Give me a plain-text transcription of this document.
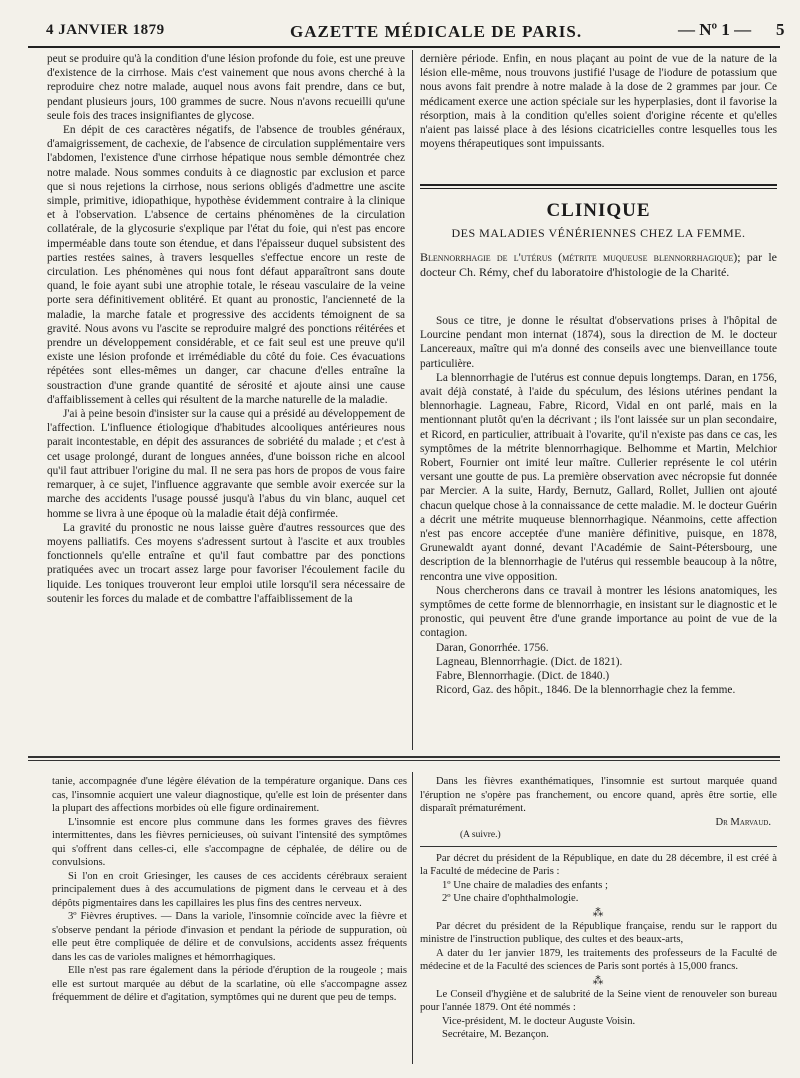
4 JANVIER 1879	GAZETTE MÉDICALE DE PARIS.	— Nº 1 — 5

peut se produire qu'à la condition d'une lésion profonde du foie, est une preuve d'existence de la cirrhose. Mais c'est vainement que nous avons cherché à la reproduire chez notre malade, auquel nous avons fait prendre, dans ce but, pendant plusieurs jours, 100 grammes de sucre. Nous n'avons recueilli qu'une seule fois des traces insignifiantes de glycose.

En dépit de ces caractères négatifs, de l'absence de troubles généraux, d'amaigrissement, de cachexie, de l'absence de circulation supplémentaire vers l'abdomen, l'existence d'une cirrhose hépatique nous semble démontrée chez notre malade. Nous sommes conduits à ce diagnostic par exclusion et parce que si nous rejetions la cirrhose, nous serions obligés d'admettre une ascite simple, primitive, idiopathique, hypothèse évidemment contraire à la clinique et à l'observation. L'absence de certains phénomènes de la circulation collatérale, de la glycosurie s'explique par l'état du foie, qui n'est pas encore imperméable dans toute son étendue, et dans l'épaisseur duquel subsistent des parties restées saines, à travers lesquelles s'effectue encore un reste de circulation. Les phénomènes qui nous font défaut apparaîtront sans doute quand, le foie ayant subi une atrophie totale, le réseau vasculaire de la veine porte sera définitivement oblitéré. Et quant au pronostic, l'ancienneté de la maladie, la marche fatale et progressive des accidents témoignent de sa gravité. Nous avons vu l'ascite se reproduire malgré des ponctions réitérées et prendre un développement considérable, et ce fait seul est une preuve qu'il existe une lésion profonde et irrémédiable du côté du foie. Ces évacuations répétées sont elles-mêmes un danger, car chacune d'elles entraîne la soustraction d'une grande quantité de sérosité et ajoute ainsi une cause d'affaiblissement à celles qui résultent de la marche naturelle de la maladie.

J'ai à peine besoin d'insister sur la cause qui a présidé au développement de l'affection. L'influence étiologique d'habitudes alcooliques antérieures nous parait incontestable, en dépit des assurances de sobriété du malade ; et c'est à cet usage prolongé, durant de longues années, d'une boisson riche en alcool qu'il faut attribuer l'origine du mal. Il ne sera pas hors de propos de vous faire remarquer, à ce sujet, l'influence aggravante que semble avoir exercée sur la marche des accidents l'usage poussé jusqu'à l'abus du vin blanc, auquel cet homme se livra à une époque où la maladie était déjà confirmée.

La gravité du pronostic ne nous laisse guère d'autres ressources que des moyens palliatifs. Ces moyens s'adressent surtout à l'ascite et aux troubles fonctionnels qu'elle entraîne et qu'il faut combattre par des ponctions pratiquées avec un trocart assez large pour favoriser l'écoulement facile du liquide. Les toniques trouveront leur emploi utile lorsqu'il sera nécessaire de soutenir les forces du malade et de combattre l'affaiblissement de la

dernière période. Enfin, en nous plaçant au point de vue de la nature de la lésion elle-même, nous trouvons justifié l'usage de l'iodure de potassium que nous avons fait prendre à notre malade à la dose de 2 grammes par jour. Ce médicament exerce une action spéciale sur les hyperplasies, dont il favorise la résorption, mais à la condition qu'elles soient d'origine récente et qu'elles n'aient pas laissé place à des lésions cicatricielles contre lesquelles tous les moyens thérapeutiques sont impuissants.

CLINIQUE
DES MALADIES VÉNÉRIENNES CHEZ LA FEMME.
Blennorrhagie de l'utérus (métrite muqueuse blennorrhagique); par le docteur Ch. Rémy, chef du laboratoire d'histologie de la Charité.

Sous ce titre, je donne le résultat d'observations prises à l'hôpital de Lourcine pendant mon internat (1874), sous la direction de M. le docteur Lancereaux, maître qui m'a donné des conseils avec une bienveillance toute particulière.

La blennorrhagie de l'utérus est connue depuis longtemps. Daran, en 1756, avait déjà constaté, à l'aide du spéculum, des lésions utérines pendant la blennorhagie. Lagneau, Fabre, Ricord, Vidal en ont parlé, mais en la mentionnant plutôt qu'en la décrivant ; ils l'ont laissée sur un plan secondaire, et Ricord, en particulier, attribuait à l'ovarite, qu'il n'existe pas dans ce cas, les symptômes de la métrite blennorrhagique. Belhomme et Martin, Melchior Robert, Fournier ont imité leur maître. Cullerier représente le col utérin versant une goutte de pus. La première observation avec nécropsie fut donnée par Mercier. A la suite, Hardy, Bernutz, Gallard, Rollet, Jullien ont ajouté chacun quelque chose à la connaissance de cette maladie. M. le docteur Guérin a décrit une métrite muqueuse blennorrhagique. Néanmoins, cette affection n'est pas encore acceptée d'une manière définitive, puisque, en 1878, Grunewaldt ayant donné, devant l'Académie de Saint-Pétersbourg, une description de la blennorrhagie de l'utérus qui ressemble beaucoup à la nôtre, rencontra une vive opposition.

Nous chercherons dans ce travail à montrer les lésions anatomiques, les symptômes de cette forme de blennorrhagie, en insistant sur le diagnostic et le pronostic, qui peuvent être d'une grande importance au point de vue de la contagion.

Daran, Gonorrhée. 1756.
Lagneau, Blennorrhagie. (Dict. de 1821).
Fabre, Blennorrhagie. (Dict. de 1840.)
Ricord, Gaz. des hôpit., 1846. De la blennorrhagie chez la femme.

tanie, accompagnée d'une légère élévation de la température organique. Dans ces cas, l'insomnie acquiert une valeur diagnostique, qu'elle est loin de présenter dans la plupart des affections morbides où elle figure ordinairement.

L'insomnie est encore plus commune dans les formes graves des fièvres intermittentes, dans les fièvres pernicieuses, où suivant l'intensité des symptômes qui s'offrent dans celles-ci, elle s'accompagne de céphalée, de délire ou de convulsions.

Si l'on en croit Griesinger, les causes de ces accidents cérébraux seraient principalement dues à des accumulations de pigment dans le cerveau et à des dépôts pigmentaires dans les capillaires les plus fins des centres nerveux.

3º Fièvres éruptives. — Dans la variole, l'insomnie coïncide avec la fièvre et s'observe pendant la période d'invasion et pendant la période de suppuration, où elle peut être compliquée de délire et de convulsions, accidents assez fréquents dans les cas de varioles malignes et hémorrhagiques.

Elle n'est pas rare également dans la période d'éruption de la rougeole ; mais elle est surtout marquée au début de la scarlatine, où elle s'accompagne assez fréquemment de délire et d'agitation, symptômes qui ne durent que peu de temps.

Dans les fièvres exanthématiques, l'insomnie est surtout marquée quand l'éruption ne s'opère pas franchement, ou encore quand, après être sortie, elle disparaît prématurément.

Dr Marvaud.
(A suivre.)

Par décret du président de la République, en date du 28 décembre, il est créé à la Faculté de médecine de Paris :

1º Une chaire de maladies des enfants ;
2º Une chaire d'ophthalmologie.
⁂

Par décret du président de la République française, rendu sur le rapport du ministre de l'instruction publique, des cultes et des beaux-arts,

A dater du 1er janvier 1879, les traitements des professeurs de la Faculté de médecine et de la Faculté des sciences de Paris sont portés à 15,000 francs.

⁂

Le Conseil d'hygiène et de salubrité de la Seine vient de renouveler son bureau pour l'année 1879. Ont été nommés :

Vice-président, M. le docteur Auguste Voisin.
Secrétaire, M. Bezançon.
